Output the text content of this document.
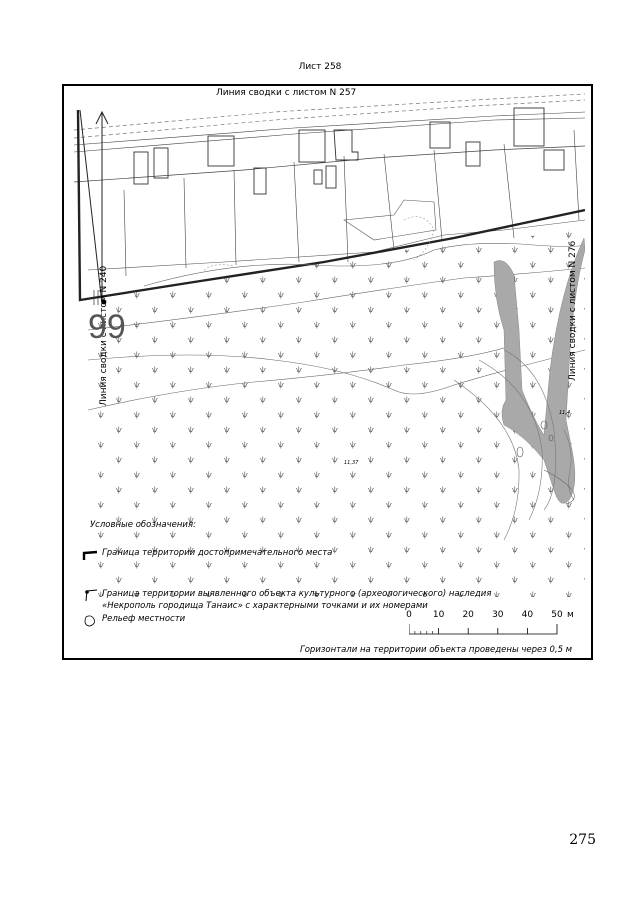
Лист 258
Линия сводки с листом N 257
Линия сводки с листом N 240	Линия сводки с листом N 276
99
11,4
11,37
Условные обозначения:
Граница территории достопримечательного места
Граница территории выявленного объекта культурного (археологического) наследия «Некрополь городища Танаис» с характерными точками и их номерами
Рельеф местности	0 10 20 30 40 50 м
Горизонтали на территории объекта проведены через 0,5 м
275
